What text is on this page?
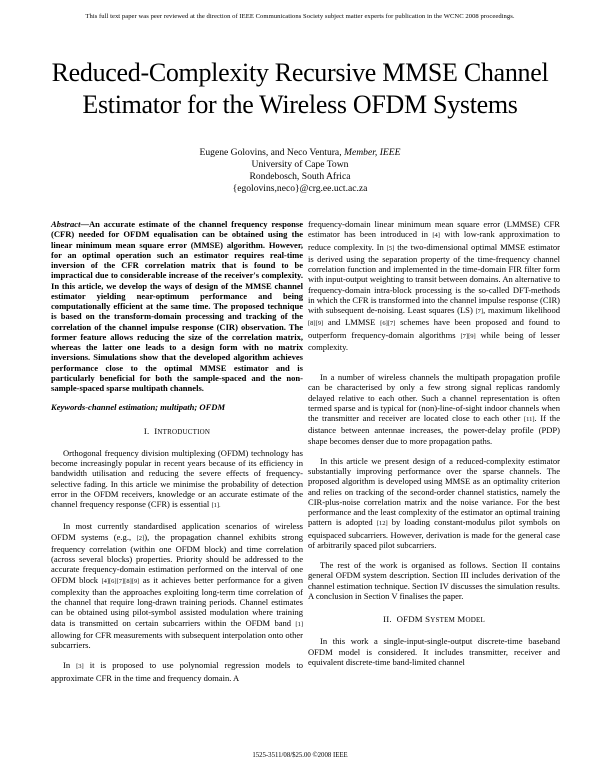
This full text paper was peer reviewed at the direction of IEEE Communications Society subject matter experts for publication in the WCNC 2008 proceedings.
Reduced-Complexity Recursive MMSE Channel
Estimator for the Wireless OFDM Systems
Eugene Golovins, and Neco Ventura, Member, IEEE
University of Cape Town
Rondebosch, South Africa
{egolovins,neco}@crg.ee.uct.ac.za

Abstract—An accurate estimate of the channel frequency response (CFR) needed for OFDM equalisation can be obtained using the linear minimum mean square error (MMSE) algorithm. However, for an optimal operation such an estimator requires real-time inversion of the CFR correlation matrix that is found to be impractical due to considerable increase of the receiver's complexity. In this article, we develop the ways of design of the MMSE channel estimator yielding near-optimum performance and being computationally efficient at the same time. The proposed technique is based on the transform-domain processing and tracking of the correlation of the channel impulse response (CIR) observation. The former feature allows reducing the size of the correlation matrix, whereas the latter one leads to a design form with no matrix inversions. Simulations show that the developed algorithm achieves performance close to the optimal MMSE estimator and is particularly beneficial for both the sample-spaced and the non-sample-spaced sparse multipath channels.

Keywords-channel estimation; multipath; OFDM

I. INTRODUCTION

Orthogonal frequency division multiplexing (OFDM) technology has become increasingly popular in recent years because of its efficiency in bandwidth utilisation and reducing the severe effects of frequency-selective fading. In this article we minimise the probability of detection error in the OFDM receivers, knowledge or an accurate estimate of the channel frequency response (CFR) is essential [1].

In most currently standardised application scenarios of wireless OFDM systems (e.g., [2]), the propagation channel exhibits strong frequency correlation (within one OFDM block) and time correlation (across several blocks) properties. Priority should be addressed to the accurate frequency-domain estimation performed on the interval of one OFDM block [4][6][7][8][9] as it achieves better performance for a given complexity than the approaches exploiting long-term time correlation of the channel that require long-drawn training periods. Channel estimates can be obtained using pilot-symbol assisted modulation where training data is transmitted on certain subcarriers within the OFDM band [1] allowing for CFR measurements with subsequent interpolation onto other subcarriers.

In [3] it is proposed to use polynomial regression models to approximate CFR in the time and frequency domain. A

frequency-domain linear minimum mean square error (LMMSE) CFR estimator has been introduced in [4] with low-rank approximation to reduce complexity. In [5] the two-dimensional optimal MMSE estimator is derived using the separation property of the time-frequency channel correlation function and implemented in the time-domain FIR filter form with input-output weighting to transit between domains. An alternative to frequency-domain intra-block processing is the so-called DFT-methods in which the CFR is transformed into the channel impulse response (CIR) with subsequent de-noising. Least squares (LS) [7], maximum likelihood [8][9] and LMMSE [6][7] schemes have been proposed and found to outperform frequency-domain algorithms [7][9] while being of lesser complexity.

In a number of wireless channels the multipath propagation profile can be characterised by only a few strong signal replicas randomly delayed relative to each other. Such a channel representation is often termed sparse and is typical for (non)-line-of-sight indoor channels when the transmitter and receiver are located close to each other [11]. If the distance between antennae increases, the power-delay profile (PDP) shape becomes denser due to more propagation paths.

In this article we present design of a reduced-complexity estimator substantially improving performance over the sparse channels. The proposed algorithm is developed using MMSE as an optimality criterion and relies on tracking of the second-order channel statistics, namely the CIR-plus-noise correlation matrix and the noise variance. For the best performance and the least complexity of the estimator an optimal training pattern is adopted [12] by loading constant-modulus pilot symbols on equispaced subcarriers. However, derivation is made for the general case of arbitrarily spaced pilot subcarriers.

The rest of the work is organised as follows. Section II contains general OFDM system description. Section III includes derivation of the channel estimation technique. Section IV discusses the simulation results. A conclusion in Section V finalises the paper.

II. OFDM SYSTEM MODEL

In this work a single-input-single-output discrete-time baseband OFDM model is considered. It includes transmitter, receiver and equivalent discrete-time band-limited channel

1525-3511/08/$25.00 ©2008 IEEE
